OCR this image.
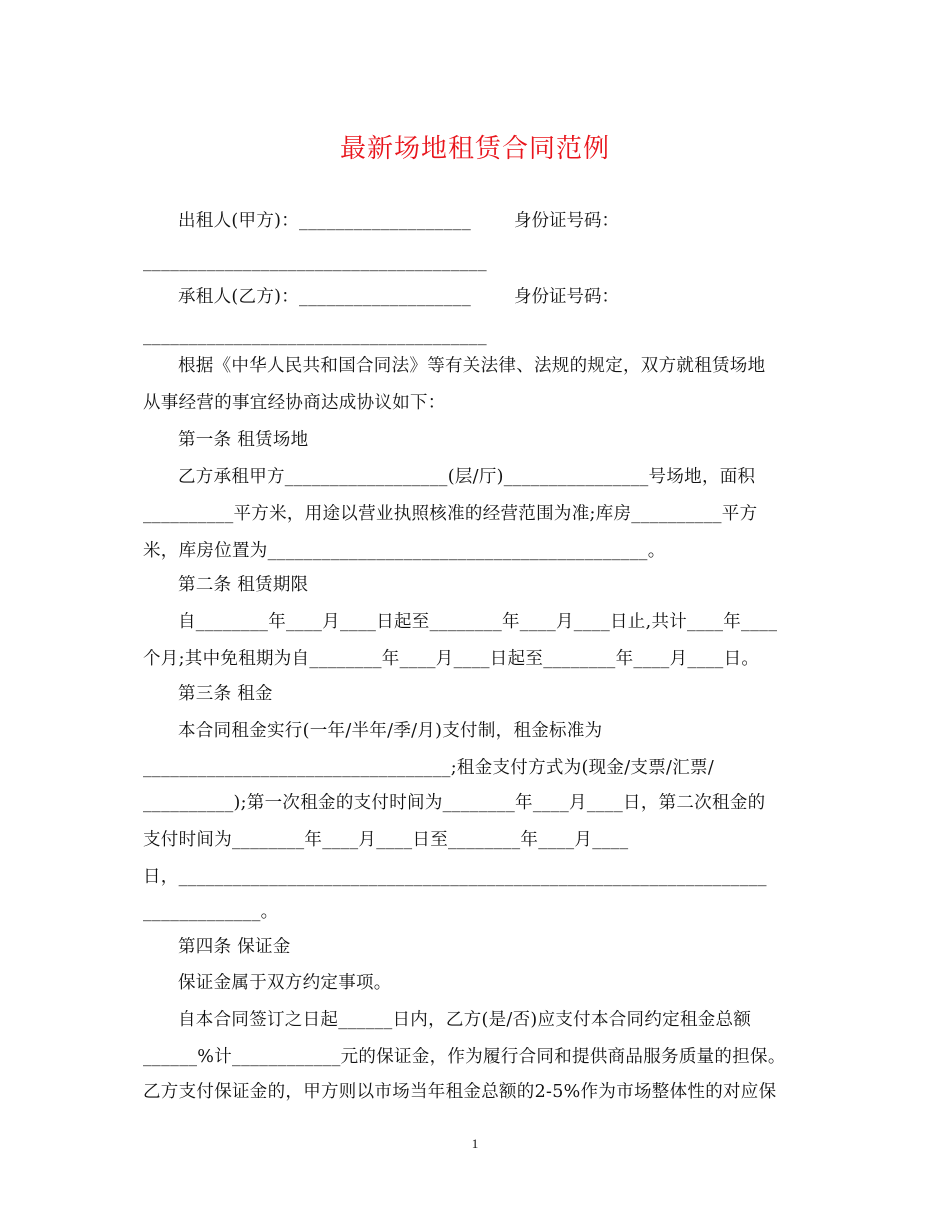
最新场地租赁合同范例
出租人(甲方)：___________________	身份证号码：
______________________________________
承租人(乙方)：___________________	身份证号码：
______________________________________
根据《中华人民共和国合同法》等有关法律、法规的规定，双方就租赁场地
从事经营的事宜经协商达成协议如下：
第一条 租赁场地
乙方承租甲方__________________(层/厅)________________号场地，面积
__________平方米，用途以营业执照核准的经营范围为准;库房__________平方
米，库房位置为__________________________________________。
第二条 租赁期限
自________年____月____日起至________年____月____日止,共计____年____
个月;其中免租期为自________年____月____日起至________年____月____日。
第三条 租金
本合同租金实行(一年/半年/季/月)支付制，租金标准为
__________________________________;租金支付方式为(现金/支票/汇票/
__________);第一次租金的支付时间为________年____月____日，第二次租金的
支付时间为________年____月____日至________年____月____
日，_________________________________________________________________
_____________。
第四条 保证金
保证金属于双方约定事项。
自本合同签订之日起______日内，乙方(是/否)应支付本合同约定租金总额
______%计____________元的保证金，作为履行合同和提供商品服务质量的担保。
乙方支付保证金的，甲方则以市场当年租金总额的2-5%作为市场整体性的对应保
1
